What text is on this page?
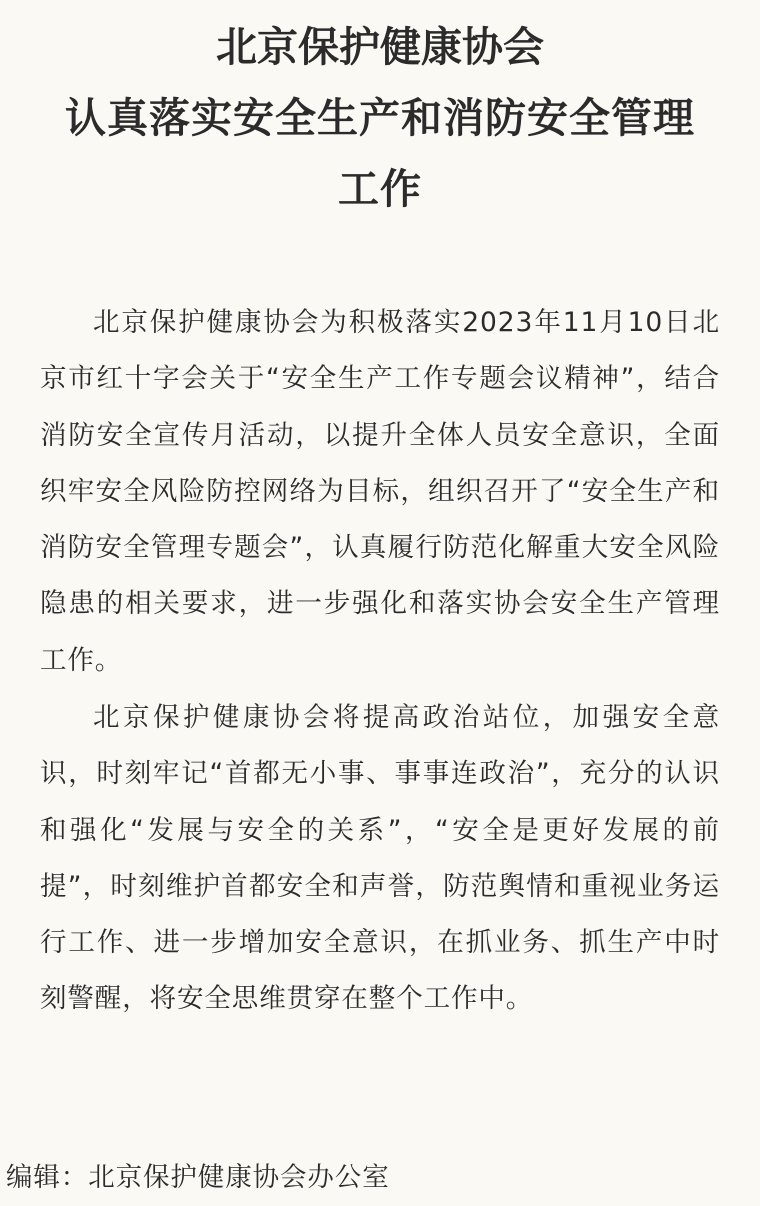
北京保护健康协会
认真落实安全生产和消防安全管理
工作

北京保护健康协会为积极落实2023年11月10日北京市红十字会关于“安全生产工作专题会议精神”，结合消防安全宣传月活动，以提升全体人员安全意识，全面织牢安全风险防控网络为目标，组织召开了“安全生产和消防安全管理专题会”，认真履行防范化解重大安全风险隐患的相关要求，进一步强化和落实协会安全生产管理工作。

北京保护健康协会将提高政治站位，加强安全意识，时刻牢记“首都无小事、事事连政治”，充分的认识和强化“发展与安全的关系”，“安全是更好发展的前提”，时刻维护首都安全和声誉，防范舆情和重视业务运行工作、进一步增加安全意识，在抓业务、抓生产中时刻警醒，将安全思维贯穿在整个工作中。

编辑：北京保护健康协会办公室
